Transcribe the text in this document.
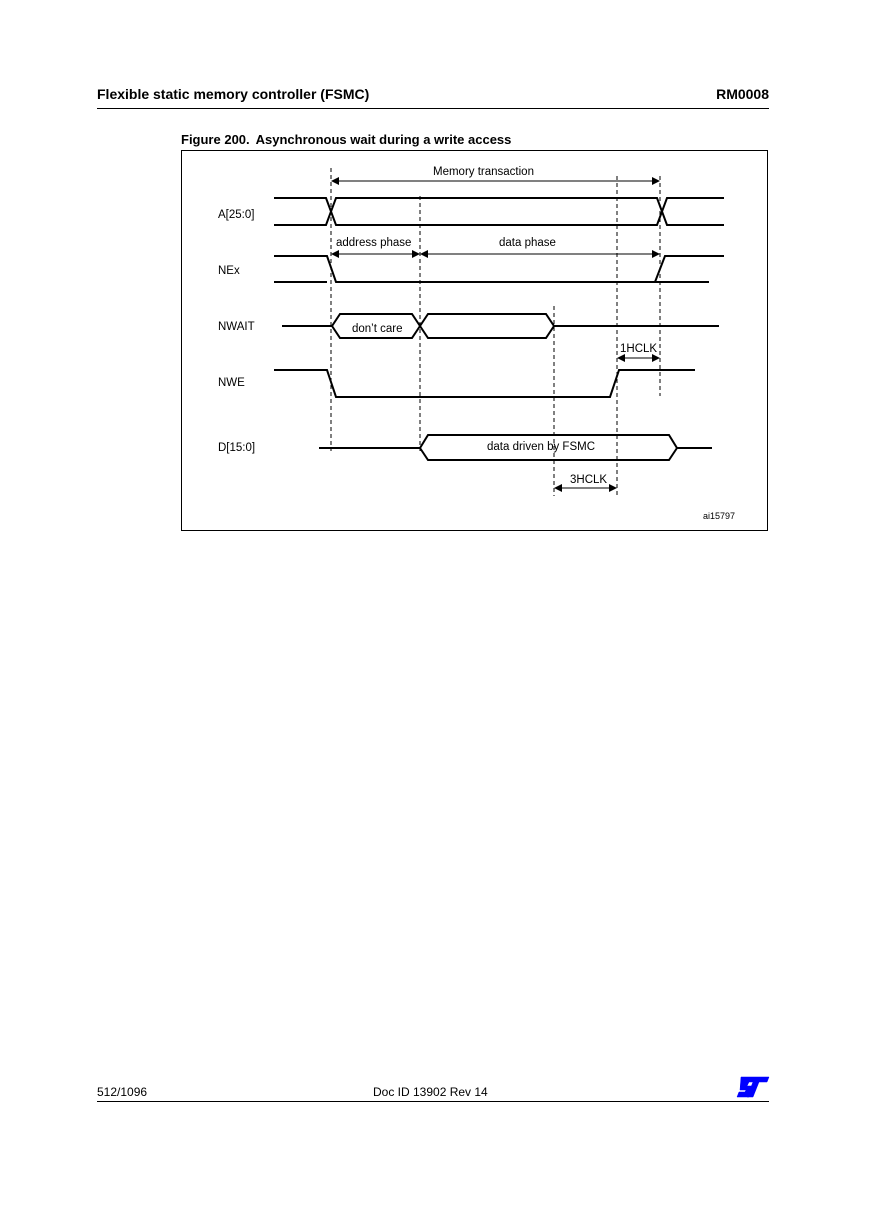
Flexible static memory controller (FSMC)	RM0008
Figure 200. Asynchronous wait during a write access
A[25:0]
NEx
NWAIT
NWE
D[15:0]
Memory transaction
address phase	data phase
don’t care
1HCLK
data driven by FSMC
3HCLK
ai15797
512/1096	Doc ID 13902 Rev 14
